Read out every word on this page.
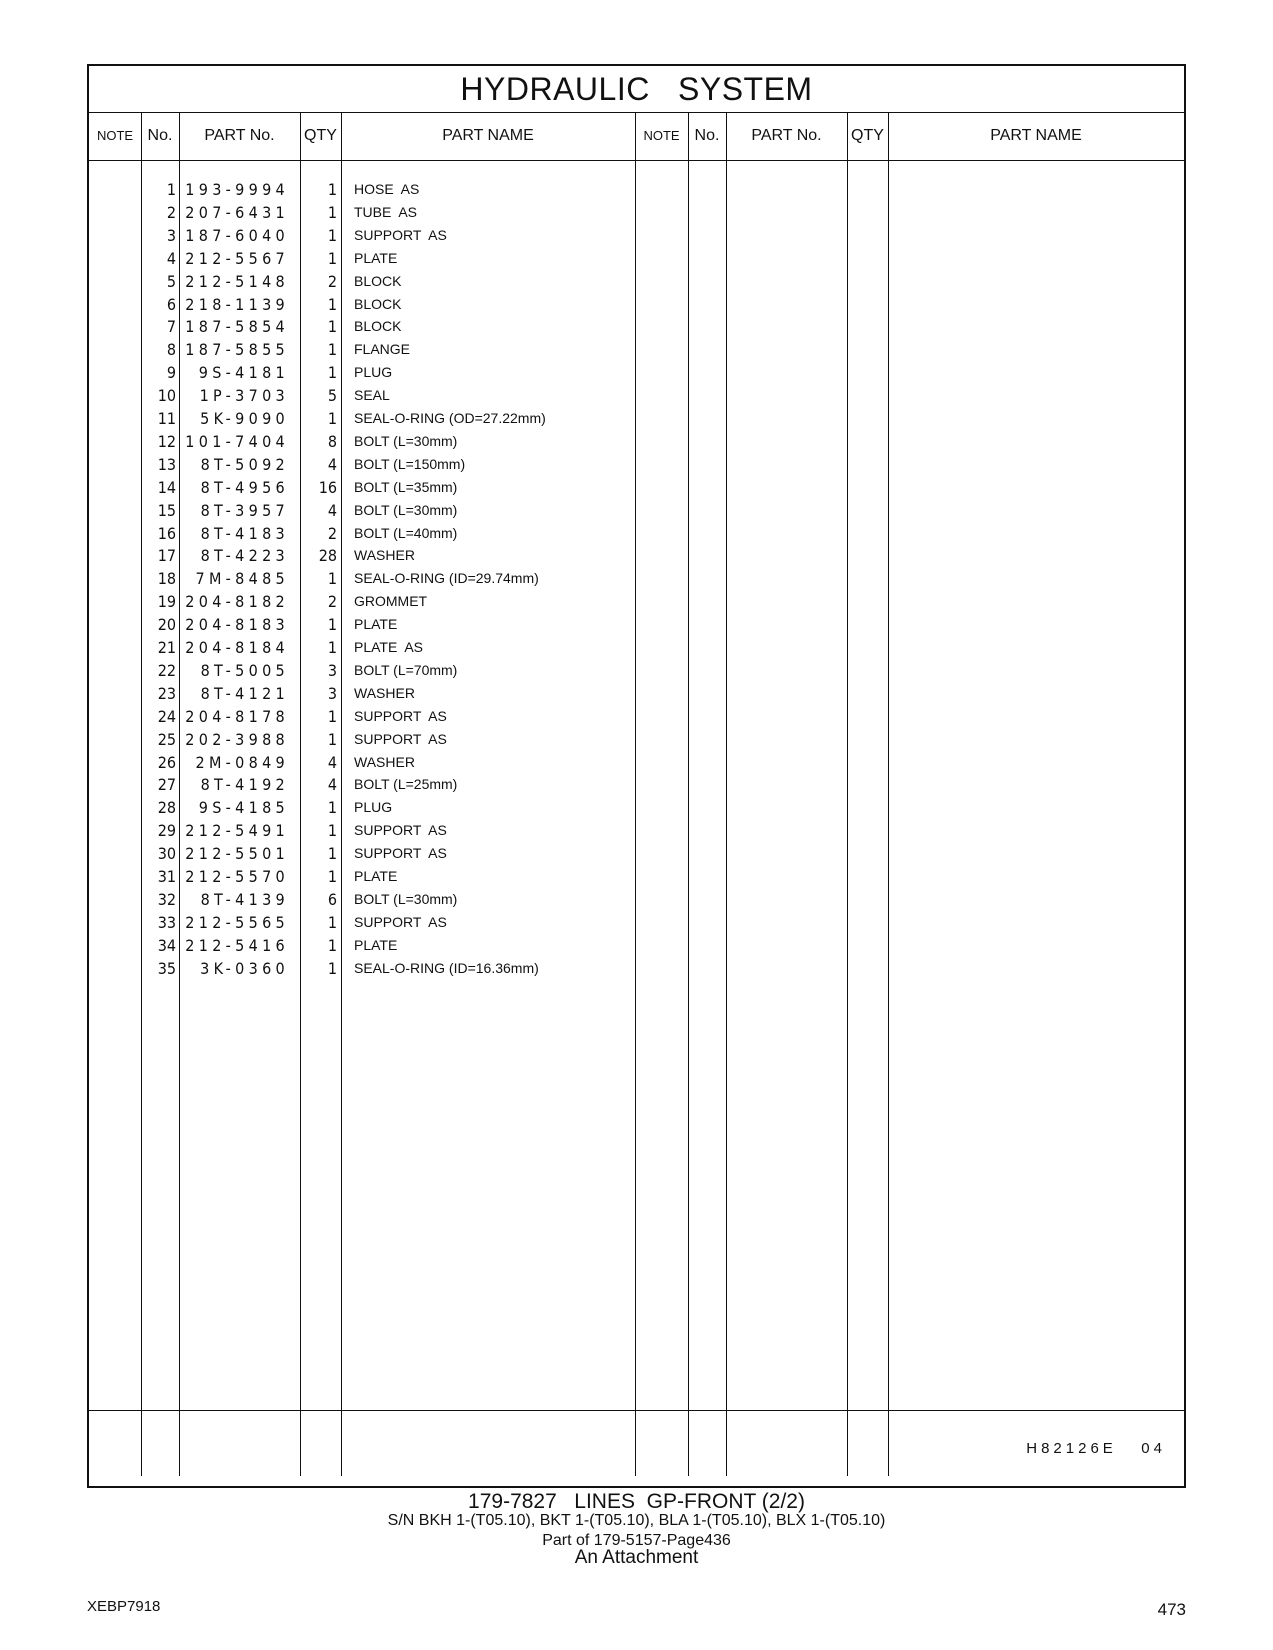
HYDRAULIC   SYSTEM
NOTE No.	PART No.	QTY	PART NAME	NOTE No.	PART No.	QTY	PART NAME
1 193-9994	1 HOSE  AS
2 207-6431	1 TUBE  AS
3 187-6040	1 SUPPORT  AS
4 212-5567	1 PLATE
5 212-5148	2 BLOCK
6 218-1139	1 BLOCK
7 187-5854	1 BLOCK
8 187-5855	1 FLANGE
9	9S-4181	1 PLUG
10	1P-3703	5 SEAL
11	5K-9090	1 SEAL-O-RING (OD=27.22mm)
12 101-7404	8 BOLT (L=30mm)
13	8T-5092	4 BOLT (L=150mm)
14	8T-4956	16 BOLT (L=35mm)
15	8T-3957	4 BOLT (L=30mm)
16	8T-4183	2 BOLT (L=40mm)
17	8T-4223	28 WASHER
18	7M-8485	1 SEAL-O-RING (ID=29.74mm)
19 204-8182	2 GROMMET
20 204-8183	1 PLATE
21 204-8184	1 PLATE  AS
22	8T-5005	3 BOLT (L=70mm)
23	8T-4121	3 WASHER
24 204-8178	1 SUPPORT  AS
25 202-3988	1 SUPPORT  AS
26	2M-0849	4 WASHER
27	8T-4192	4 BOLT (L=25mm)
28	9S-4185	1 PLUG
29 212-5491	1 SUPPORT  AS
30 212-5501	1 SUPPORT  AS
31 212-5570	1 PLATE
32	8T-4139	6 BOLT (L=30mm)
33 212-5565	1 SUPPORT  AS
34 212-5416	1 PLATE
35	3K-0360	1 SEAL-O-RING (ID=16.36mm)
H82126E   04
179-7827   LINES  GP-FRONT (2/2)
S/N BKH 1-(T05.10), BKT 1-(T05.10), BLA 1-(T05.10), BLX 1-(T05.10)
Part of 179-5157-Page436
An Attachment
XEBP7918	473
